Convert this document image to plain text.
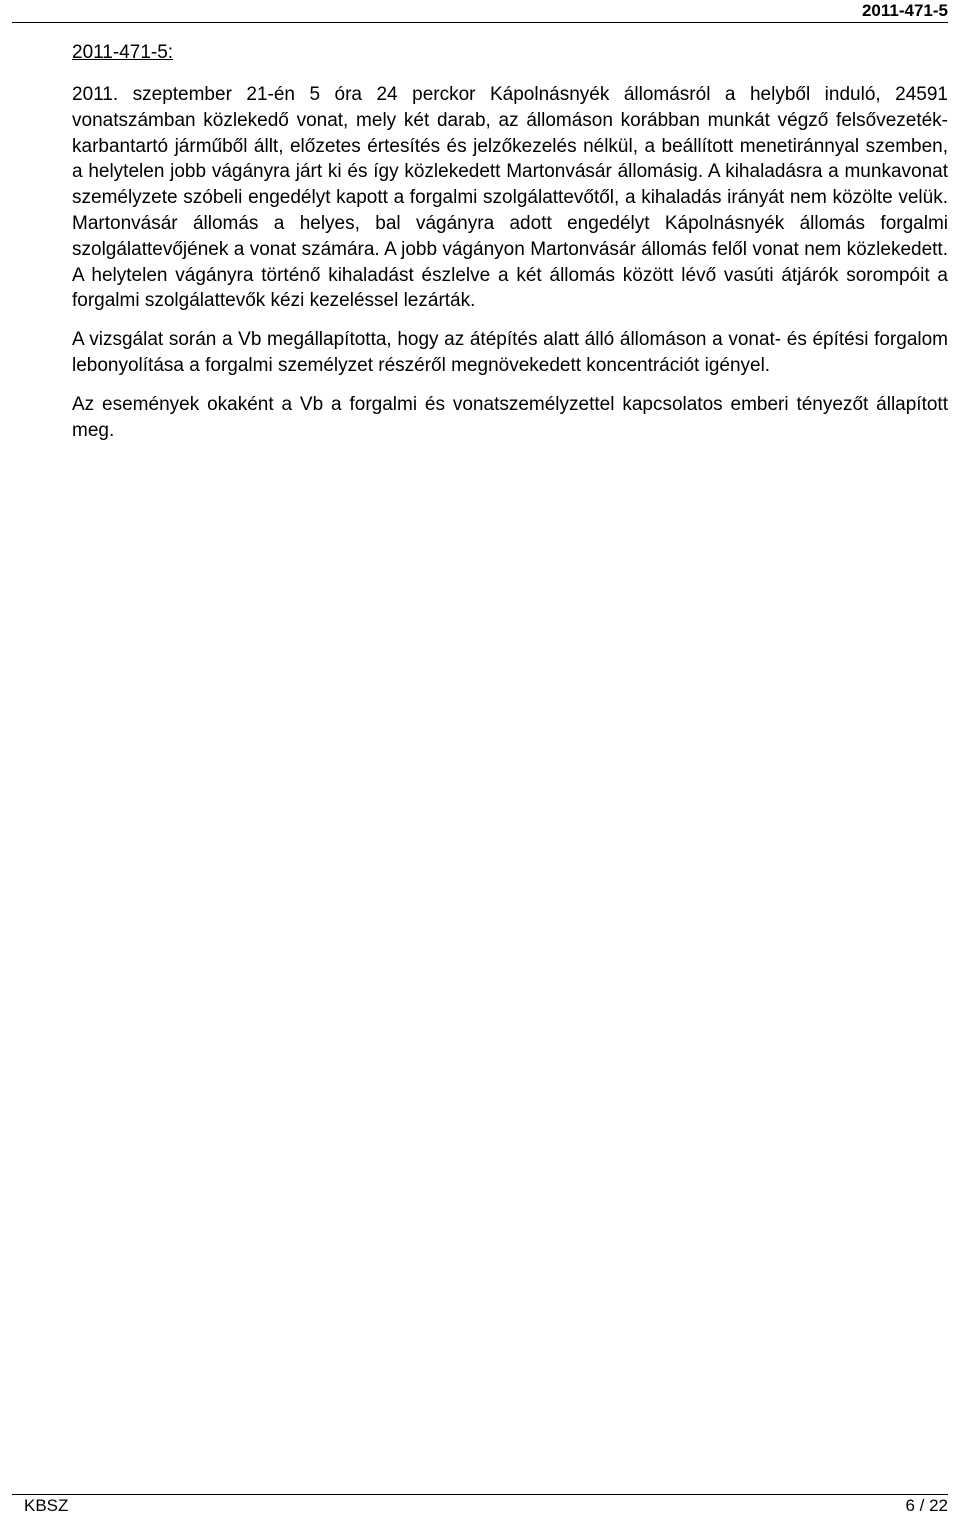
2011-471-5
2011-471-5:

2011. szeptember 21-én 5 óra 24 perckor Kápolnásnyék állomásról a helyből induló, 24591 vonatszámban közlekedő vonat, mely két darab, az állomáson korábban munkát végző felsővezeték-karbantartó járműből állt, előzetes értesítés és jelzőkezelés nélkül, a beállított menetiránnyal szemben, a helytelen jobb vágányra járt ki és így közlekedett Martonvásár állomásig. A kihaladásra a munkavonat személyzete szóbeli engedélyt kapott a forgalmi szolgálattevőtől, a kihaladás irányát nem közölte velük. Martonvásár állomás a helyes, bal vágányra adott engedélyt Kápolnásnyék állomás forgalmi szolgálattevőjének a vonat számára. A jobb vágányon Martonvásár állomás felől vonat nem közlekedett. A helytelen vágányra történő kihaladást észlelve a két állomás között lévő vasúti átjárók sorompóit a forgalmi szolgálattevők kézi kezeléssel lezárták.

A vizsgálat során a Vb megállapította, hogy az átépítés alatt álló állomáson a vonat- és építési forgalom lebonyolítása a forgalmi személyzet részéről megnövekedett koncentrációt igényel.

Az események okaként a Vb a forgalmi és vonatszemélyzettel kapcsolatos emberi tényezőt állapított meg.

KBSZ	6 / 22
